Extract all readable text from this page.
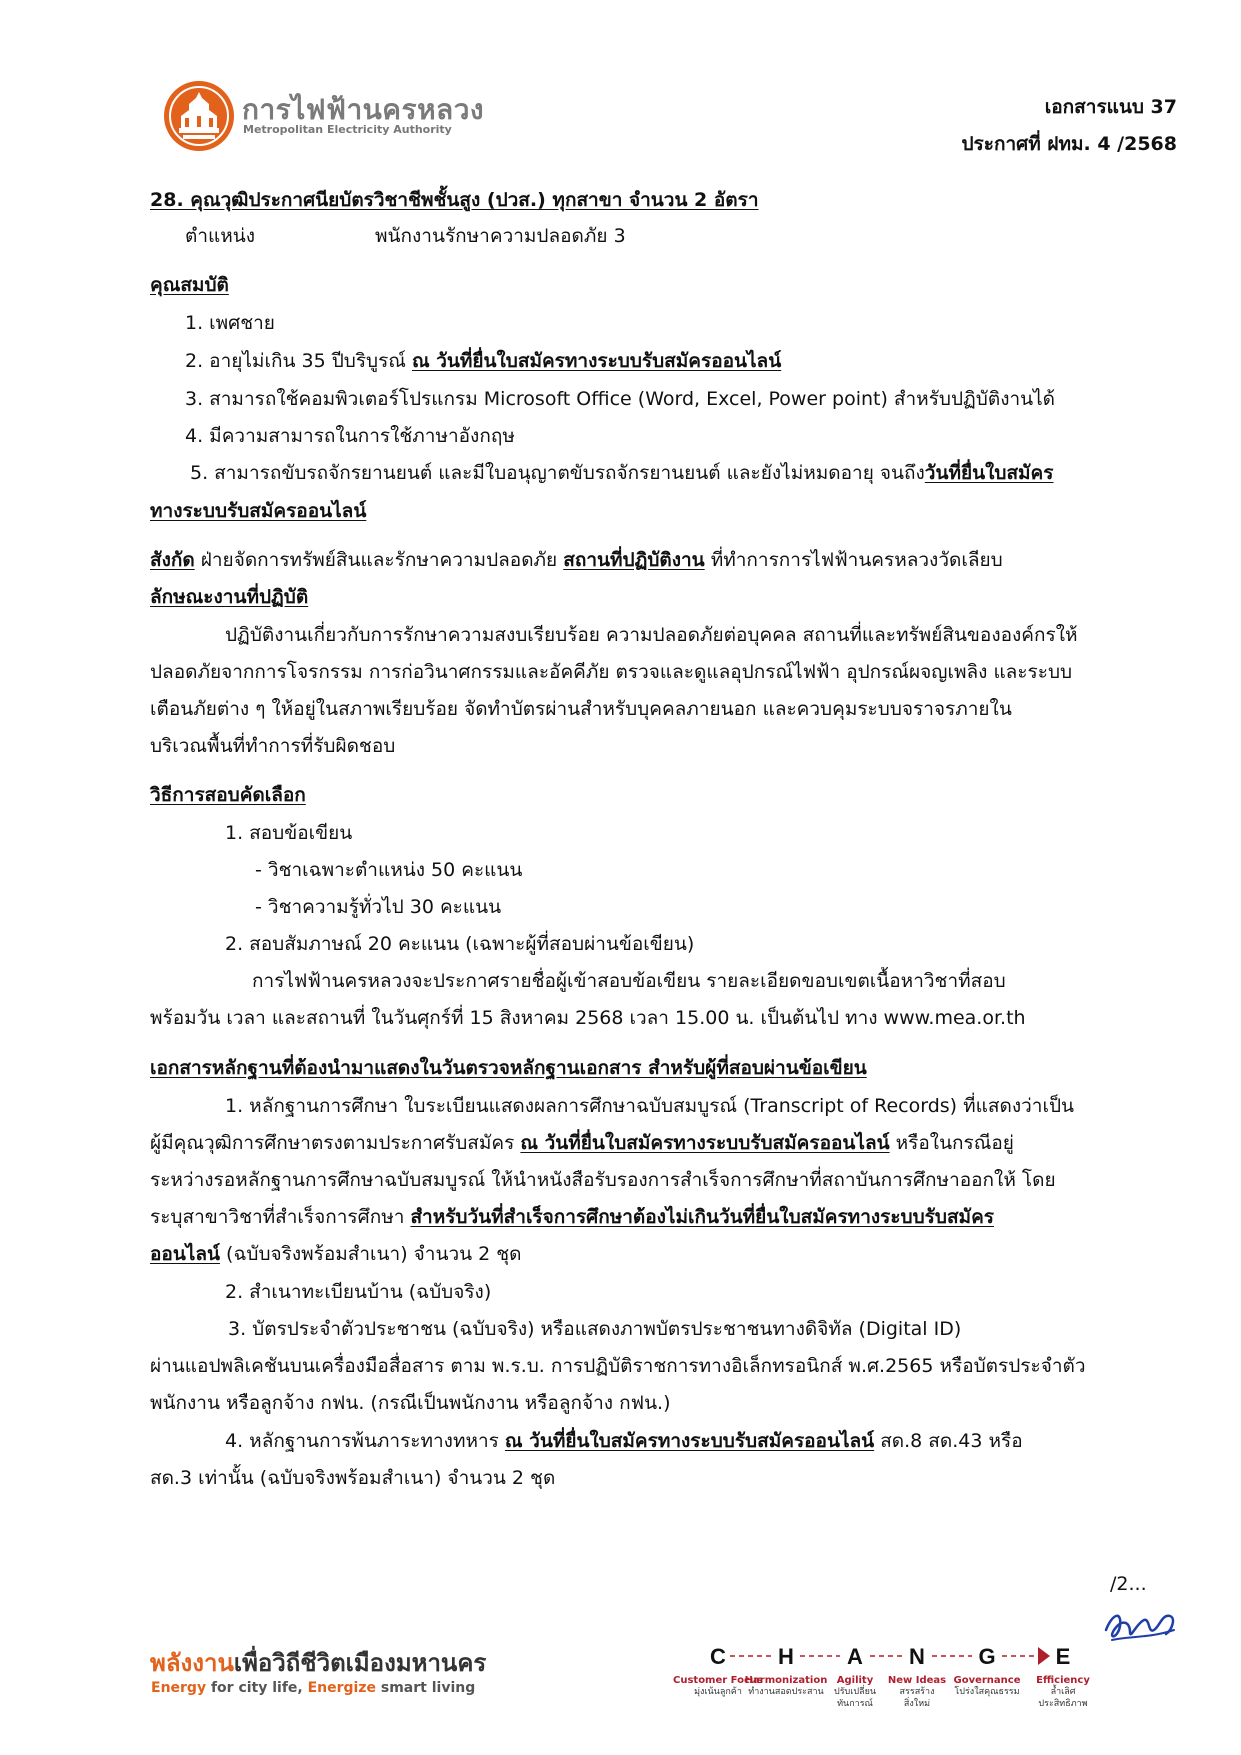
การไฟฟ้านครหลวง
Metropolitan Electricity Authority
เอกสารแนบ 37
ประกาศที่ ฝทม. 4 /2568
28. คุณวุฒิประกาศนียบัตรวิชาชีพชั้นสูง (ปวส.) ทุกสาขา จำนวน 2 อัตรา
ตำแหน่ง	พนักงานรักษาความปลอดภัย 3
คุณสมบัติ
1. เพศชาย
2. อายุไม่เกิน 35 ปีบริบูรณ์ ณ วันที่ยื่นใบสมัครทางระบบรับสมัครออนไลน์
3. สามารถใช้คอมพิวเตอร์โปรแกรม Microsoft Office (Word, Excel, Power point) สำหรับปฏิบัติงานได้
4. มีความสามารถในการใช้ภาษาอังกฤษ
5. สามารถขับรถจักรยานยนต์ และมีใบอนุญาตขับรถจักรยานยนต์ และยังไม่หมดอายุ จนถึงวันที่ยื่นใบสมัคร
ทางระบบรับสมัครออนไลน์
สังกัด ฝ่ายจัดการทรัพย์สินและรักษาความปลอดภัย สถานที่ปฏิบัติงาน ที่ทำการการไฟฟ้านครหลวงวัดเลียบ
ลักษณะงานที่ปฏิบัติ
ปฏิบัติงานเกี่ยวกับการรักษาความสงบเรียบร้อย ความปลอดภัยต่อบุคคล สถานที่และทรัพย์สินขององค์กรให้
ปลอดภัยจากการโจรกรรม การก่อวินาศกรรมและอัคคีภัย ตรวจและดูแลอุปกรณ์ไฟฟ้า อุปกรณ์ผจญเพลิง และระบบ
เตือนภัยต่าง ๆ ให้อยู่ในสภาพเรียบร้อย จัดทำบัตรผ่านสำหรับบุคคลภายนอก และควบคุมระบบจราจรภายใน
บริเวณพื้นที่ทำการที่รับผิดชอบ
วิธีการสอบคัดเลือก
1. สอบข้อเขียน
- วิชาเฉพาะตำแหน่ง 50 คะแนน
- วิชาความรู้ทั่วไป 30 คะแนน
2. สอบสัมภาษณ์ 20 คะแนน (เฉพาะผู้ที่สอบผ่านข้อเขียน)
การไฟฟ้านครหลวงจะประกาศรายชื่อผู้เข้าสอบข้อเขียน รายละเอียดขอบเขตเนื้อหาวิชาที่สอบ
พร้อมวัน เวลา และสถานที่ ในวันศุกร์ที่ 15 สิงหาคม 2568 เวลา 15.00 น. เป็นต้นไป ทาง www.mea.or.th
เอกสารหลักฐานที่ต้องนำมาแสดงในวันตรวจหลักฐานเอกสาร สำหรับผู้ที่สอบผ่านข้อเขียน
1. หลักฐานการศึกษา ใบระเบียนแสดงผลการศึกษาฉบับสมบูรณ์ (Transcript of Records) ที่แสดงว่าเป็น
ผู้มีคุณวุฒิการศึกษาตรงตามประกาศรับสมัคร ณ วันที่ยื่นใบสมัครทางระบบรับสมัครออนไลน์ หรือในกรณีอยู่
ระหว่างรอหลักฐานการศึกษาฉบับสมบูรณ์ ให้นำหนังสือรับรองการสำเร็จการศึกษาที่สถาบันการศึกษาออกให้ โดย
ระบุสาขาวิชาที่สำเร็จการศึกษา สำหรับวันที่สำเร็จการศึกษาต้องไม่เกินวันที่ยื่นใบสมัครทางระบบรับสมัคร
ออนไลน์ (ฉบับจริงพร้อมสำเนา) จำนวน 2 ชุด
2. สำเนาทะเบียนบ้าน (ฉบับจริง)
3. บัตรประจำตัวประชาชน (ฉบับจริง) หรือแสดงภาพบัตรประชาชนทางดิจิทัล (Digital ID)
ผ่านแอปพลิเคชันบนเครื่องมือสื่อสาร ตาม พ.ร.บ. การปฏิบัติราชการทางอิเล็กทรอนิกส์ พ.ศ.2565 หรือบัตรประจำตัว
พนักงาน หรือลูกจ้าง กฟน. (กรณีเป็นพนักงาน หรือลูกจ้าง กฟน.)
4. หลักฐานการพ้นภาระทางทหาร ณ วันที่ยื่นใบสมัครทางระบบรับสมัครออนไลน์ สด.8 สด.43 หรือ
สด.3 เท่านั้น (ฉบับจริงพร้อมสำเนา) จำนวน 2 ชุด
/2...
พลังงานเพื่อวิถีชีวิตเมืองมหานคร
Energy for city life, Energize smart living
C H A N G	E
Customer Focus
มุ่งเน้นลูกค้า
Harmonization
ทำงานสอดประสาน
Agility
ปรับเปลี่ยน
ทันการณ์
New Ideas
สรรสร้าง
สิ่งใหม่
Governance
โปร่งใสคุณธรรม
Efficiency
ล้ำเลิศ
ประสิทธิภาพ
